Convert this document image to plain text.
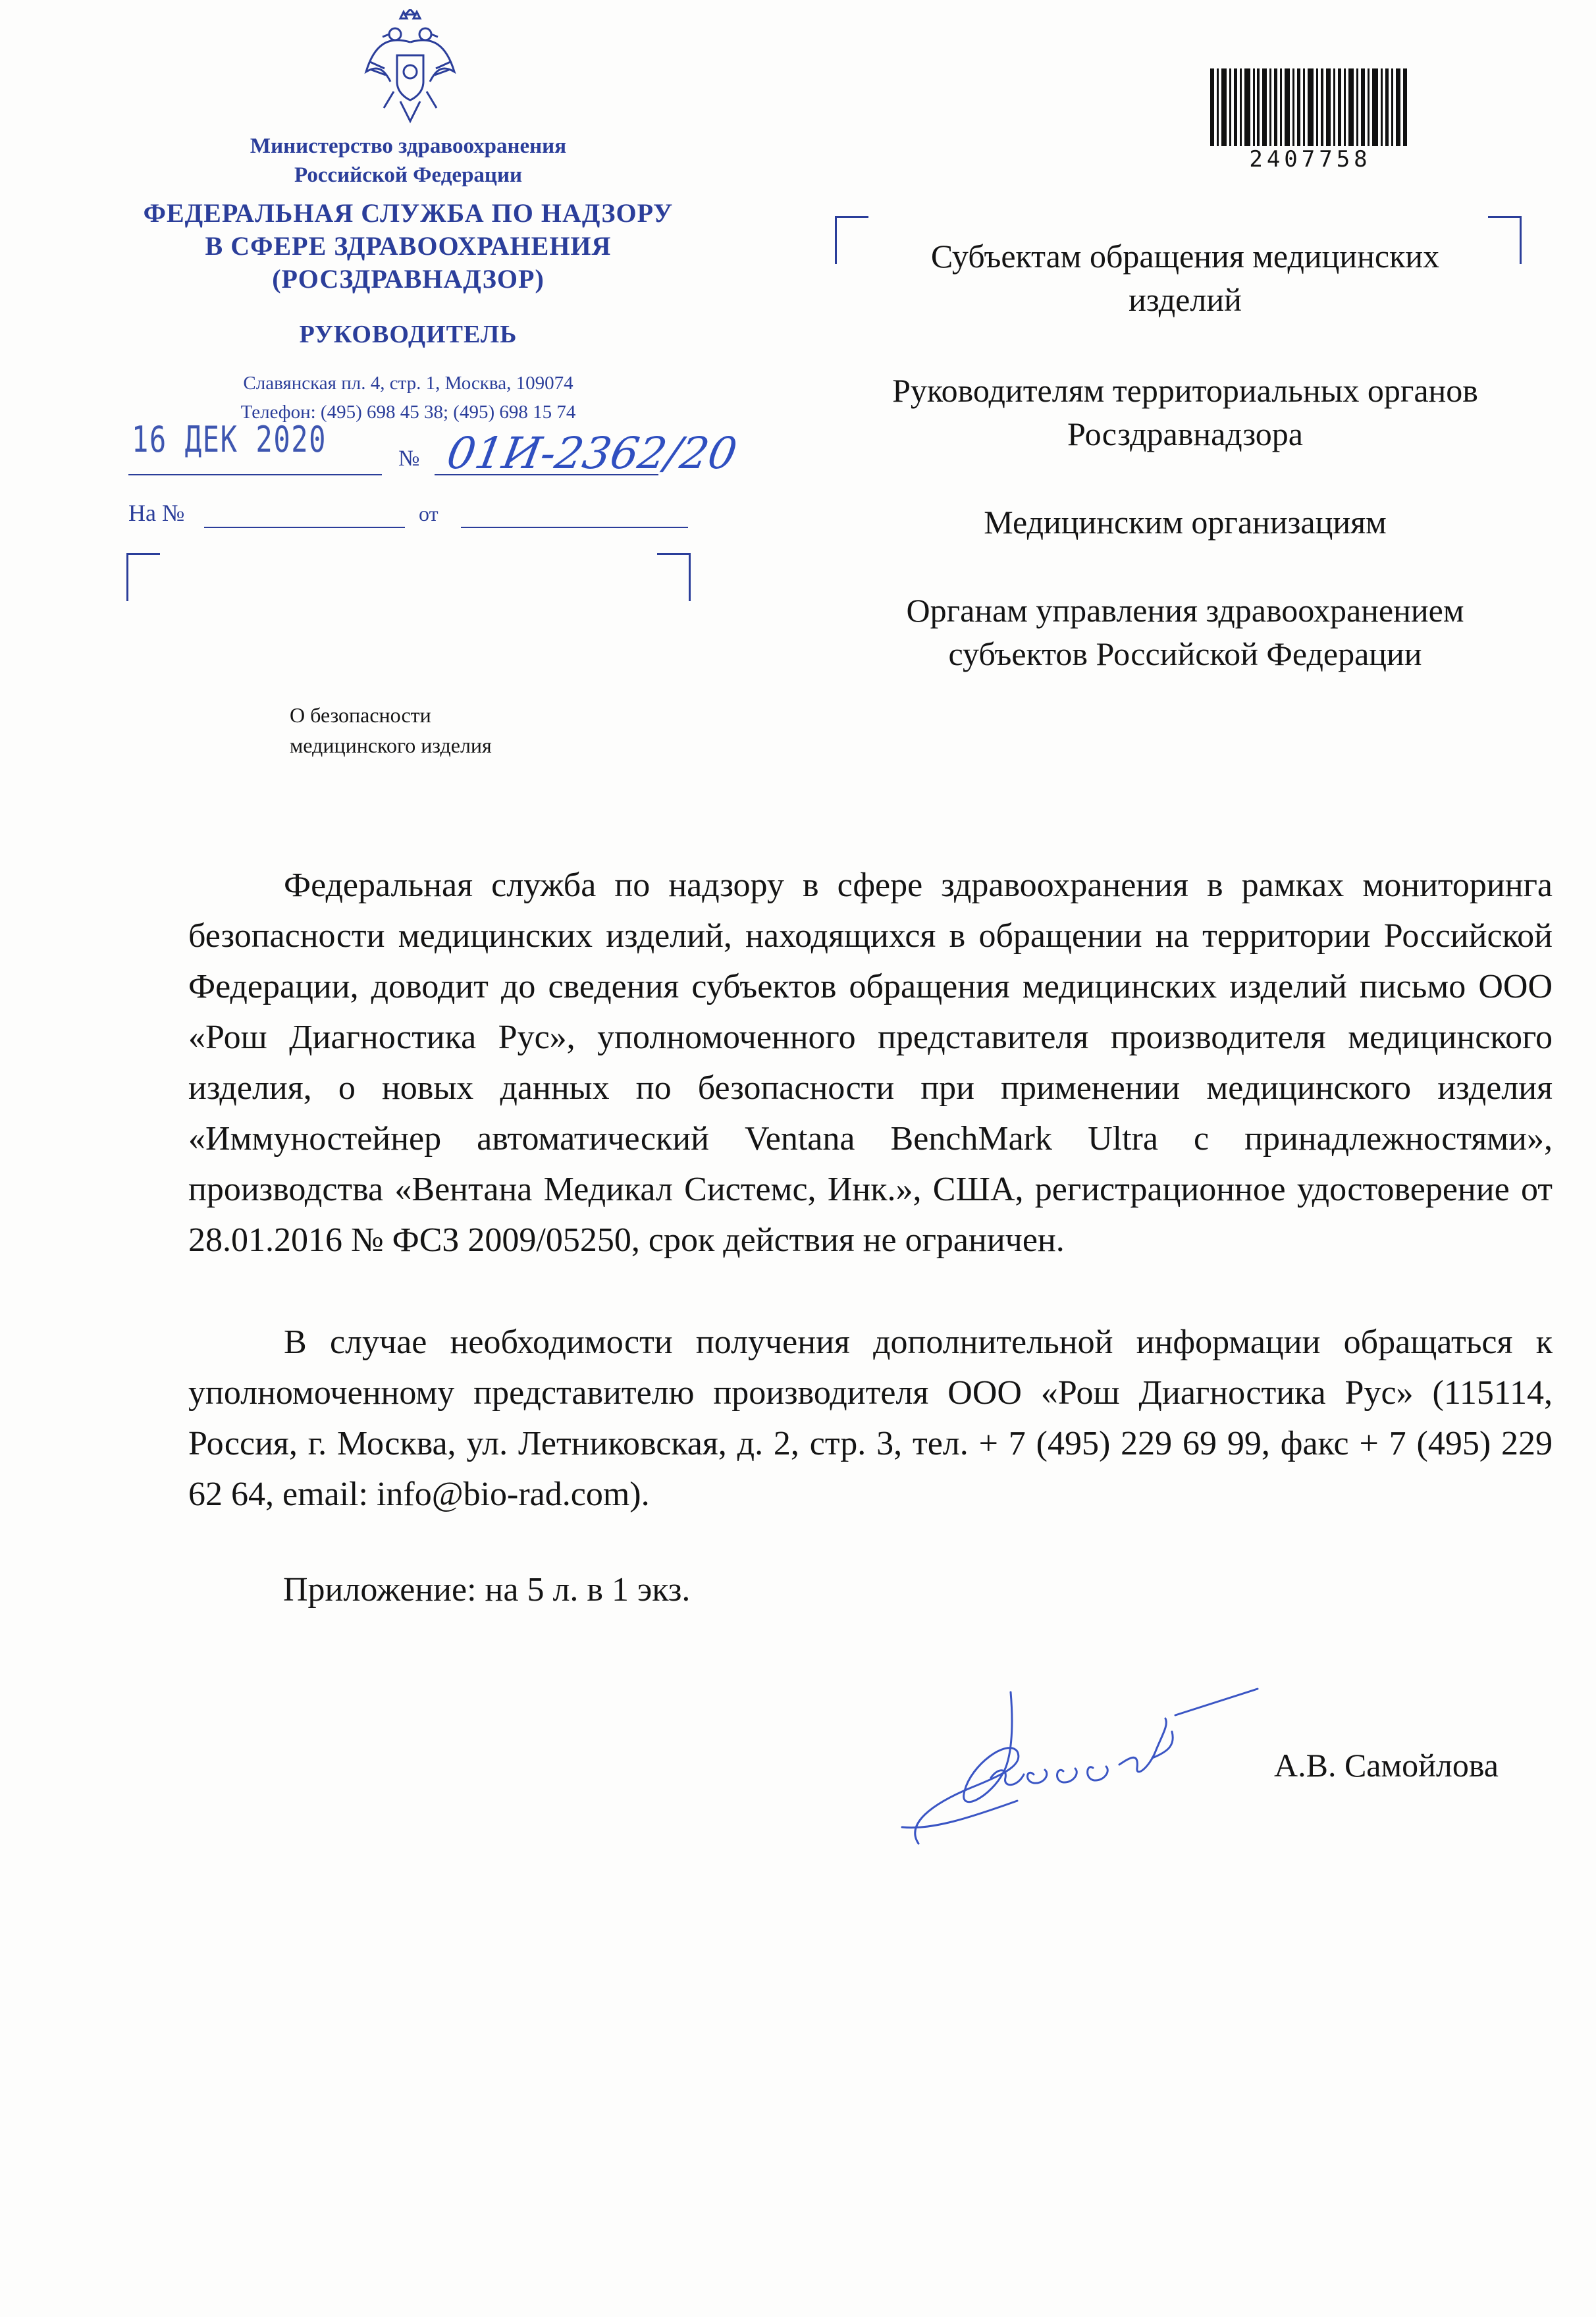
Министерство здравоохранения
Российской Федерации
ФЕДЕРАЛЬНАЯ СЛУЖБА ПО НАДЗОРУ
В СФЕРЕ ЗДРАВООХРАНЕНИЯ
(РОСЗДРАВНАДЗОР)
РУКОВОДИТЕЛЬ
Славянская пл. 4, стр. 1, Москва, 109074
Телефон: (495) 698 45 38; (495) 698 15 74
16 ДЕК 2020	№ 01И-2362/20
На №	от
О безопасности
медицинского изделия
2407758
Субъектам обращения медицинских
изделий
Руководителям территориальных органов
Росздравнадзора
Медицинским организациям
Органам управления здравоохранением
субъектов Российской Федерации
Федеральная служба по надзору в сфере здравоохранения в рамках мониторинга безопасности медицинских изделий, находящихся в обращении на территории Российской Федерации, доводит до сведения субъектов обращения медицинских изделий письмо ООО «Рош Диагностика Рус», уполномоченного представителя производителя медицинского изделия, о новых данных по безопасности при применении медицинского изделия «Иммуностейнер автоматический Ventana BenchMark Ultra с принадлежностями», производства «Вентана Медикал Системс, Инк.», США, регистрационное удостоверение от 28.01.2016 № ФСЗ 2009/05250, срок действия не ограничен.
В случае необходимости получения дополнительной информации обращаться к уполномоченному представителю производителя ООО «Рош Диагностика Рус» (115114, Россия, г. Москва, ул. Летниковская, д. 2, стр. 3, тел. + 7 (495) 229 69 99, факс + 7 (495) 229 62 64, email: info@bio-rad.com).
Приложение: на 5 л. в 1 экз.
А.В. Самойлова
